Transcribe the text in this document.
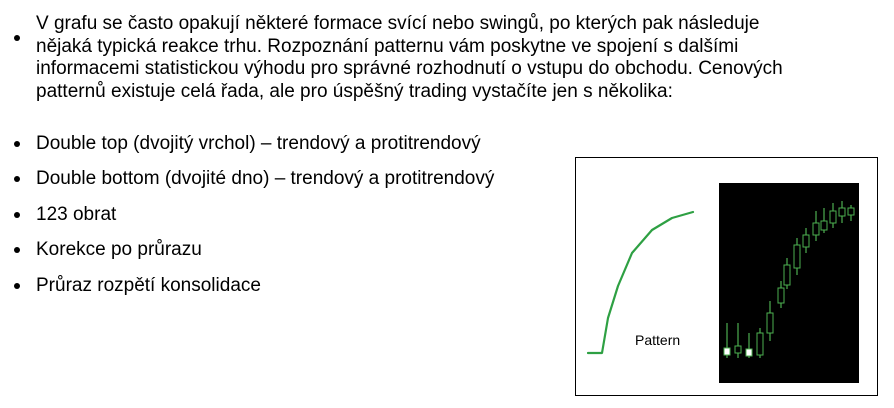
V grafu se často opakují některé formace svící nebo swingů, po kterých pak následuje
nějaká typická reakce trhu. Rozpoznání patternu vám poskytne ve spojení s dalšími
informacemi statistickou výhodu pro správné rozhodnutí o vstupu do obchodu. Cenových
patternů existuje celá řada, ale pro úspěšný trading vystačíte jen s několika:
Double top (dvojitý vrchol) – trendový a protitrendový
Double bottom (dvojité dno) – trendový a protitrendový
123 obrat
Korekce po průrazu
Průraz rozpětí konsolidace
Pattern
